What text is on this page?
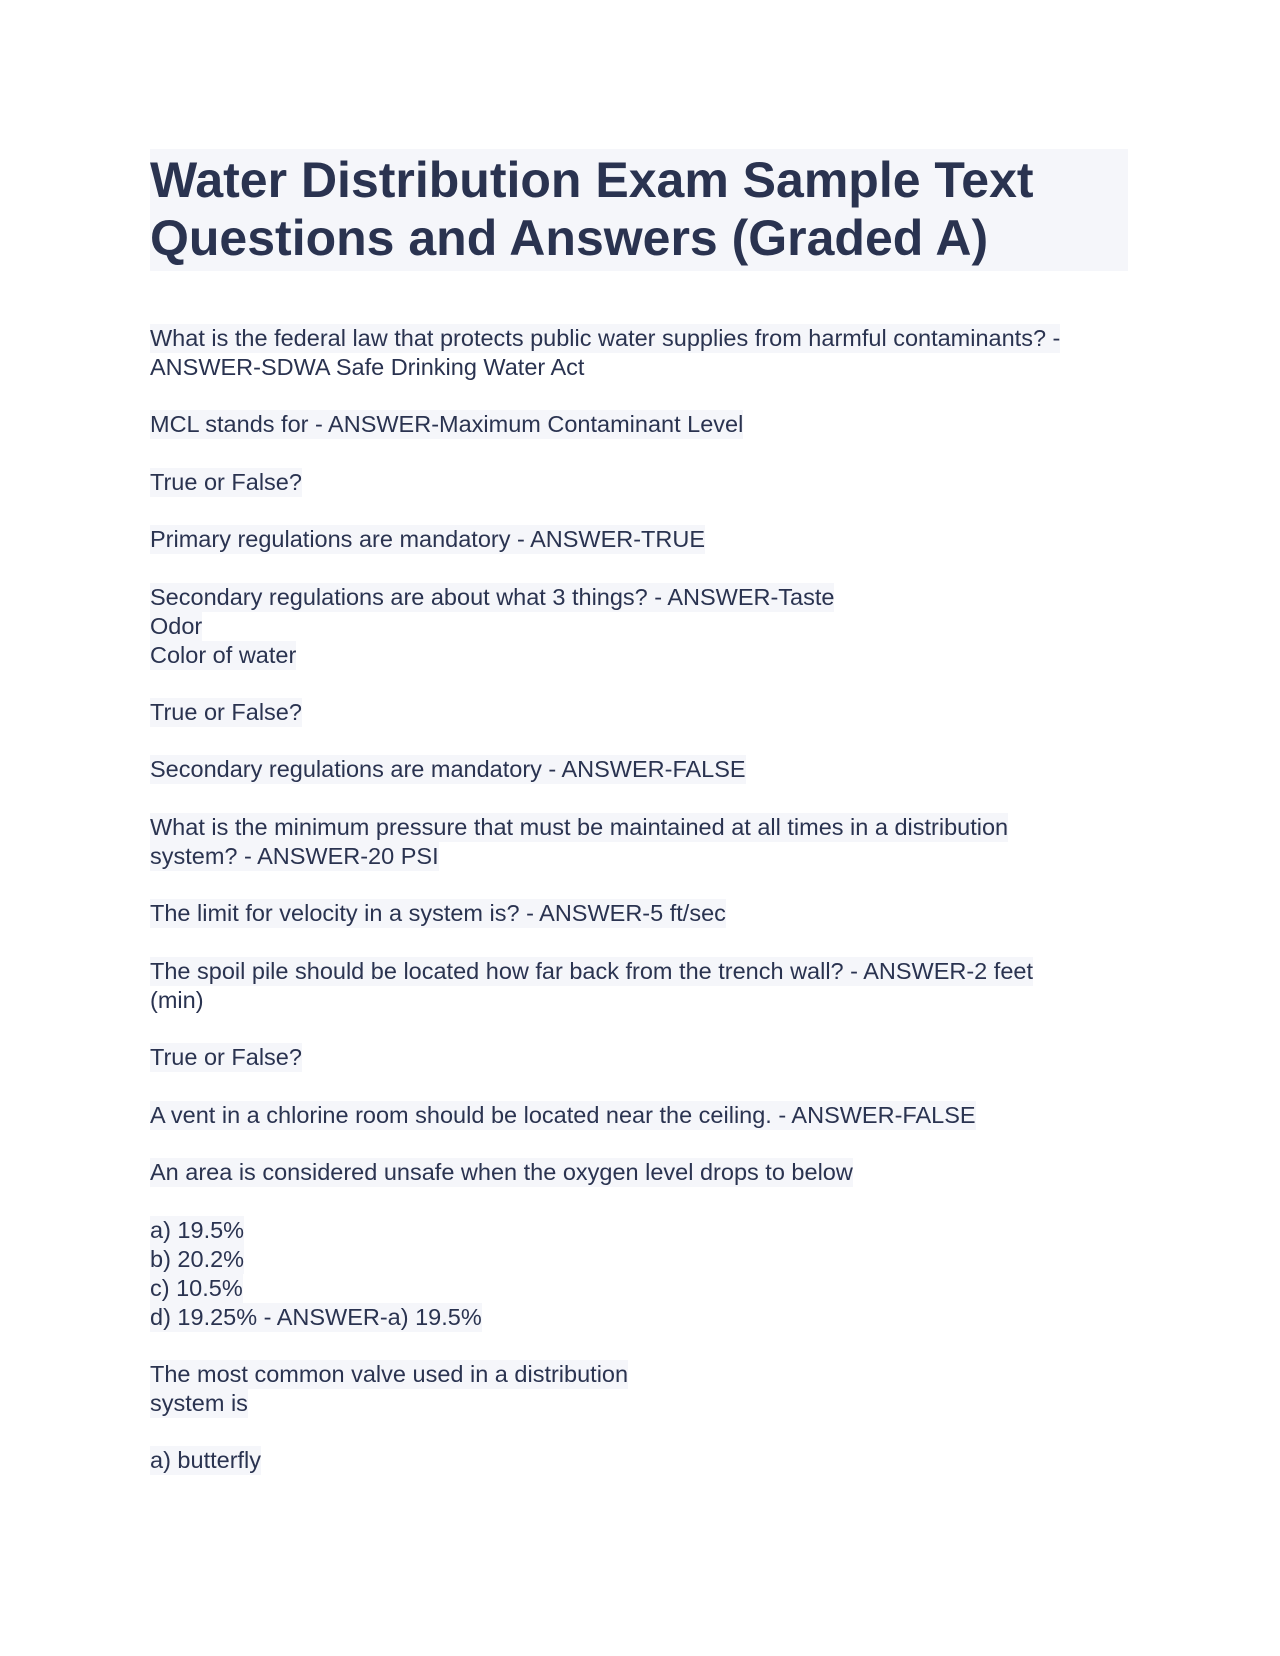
Water Distribution Exam Sample Text
Questions and Answers (Graded A)
What is the federal law that protects public water supplies from harmful contaminants? -
ANSWER-SDWA Safe Drinking Water Act
MCL stands for - ANSWER-Maximum Contaminant Level
True or False?
Primary regulations are mandatory - ANSWER-TRUE
Secondary regulations are about what 3 things? - ANSWER-Taste
Odor
Color of water
True or False?
Secondary regulations are mandatory - ANSWER-FALSE
What is the minimum pressure that must be maintained at all times in a distribution
system? - ANSWER-20 PSI
The limit for velocity in a system is? - ANSWER-5 ft/sec
The spoil pile should be located how far back from the trench wall? - ANSWER-2 feet
(min)
True or False?
A vent in a chlorine room should be located near the ceiling. - ANSWER-FALSE
An area is considered unsafe when the oxygen level drops to below
a) 19.5%
b) 20.2%
c) 10.5%
d) 19.25% - ANSWER-a) 19.5%
The most common valve used in a distribution
system is
a) butterfly
